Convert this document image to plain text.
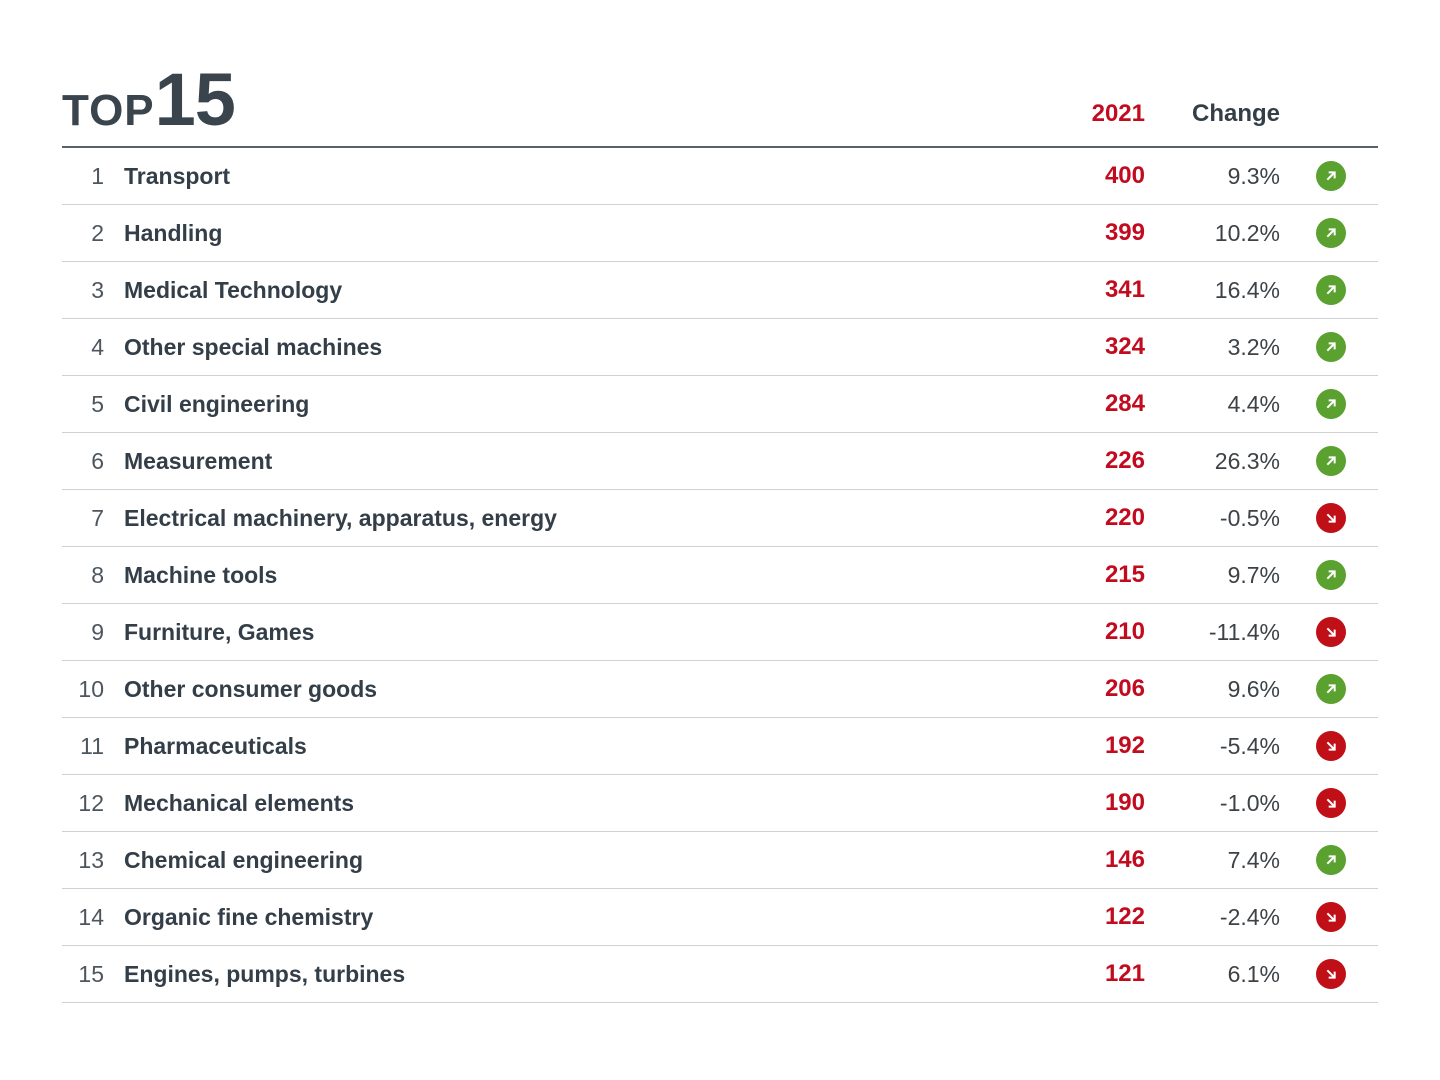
TOP15	2021	Change
1 Transport	400	9.3%
2 Handling	399	10.2%
3 Medical Technology	341	16.4%
4 Other special machines	324	3.2%
5 Civil engineering	284	4.4%
6 Measurement	226	26.3%
7 Electrical machinery, apparatus, energy	220	-0.5%
8 Machine tools	215	9.7%
9 Furniture, Games	210	-11.4%
10 Other consumer goods	206	9.6%
11 Pharmaceuticals	192	-5.4%
12 Mechanical elements	190	-1.0%
13 Chemical engineering	146	7.4%
14 Organic fine chemistry	122	-2.4%
15 Engines, pumps, turbines	121	6.1%
